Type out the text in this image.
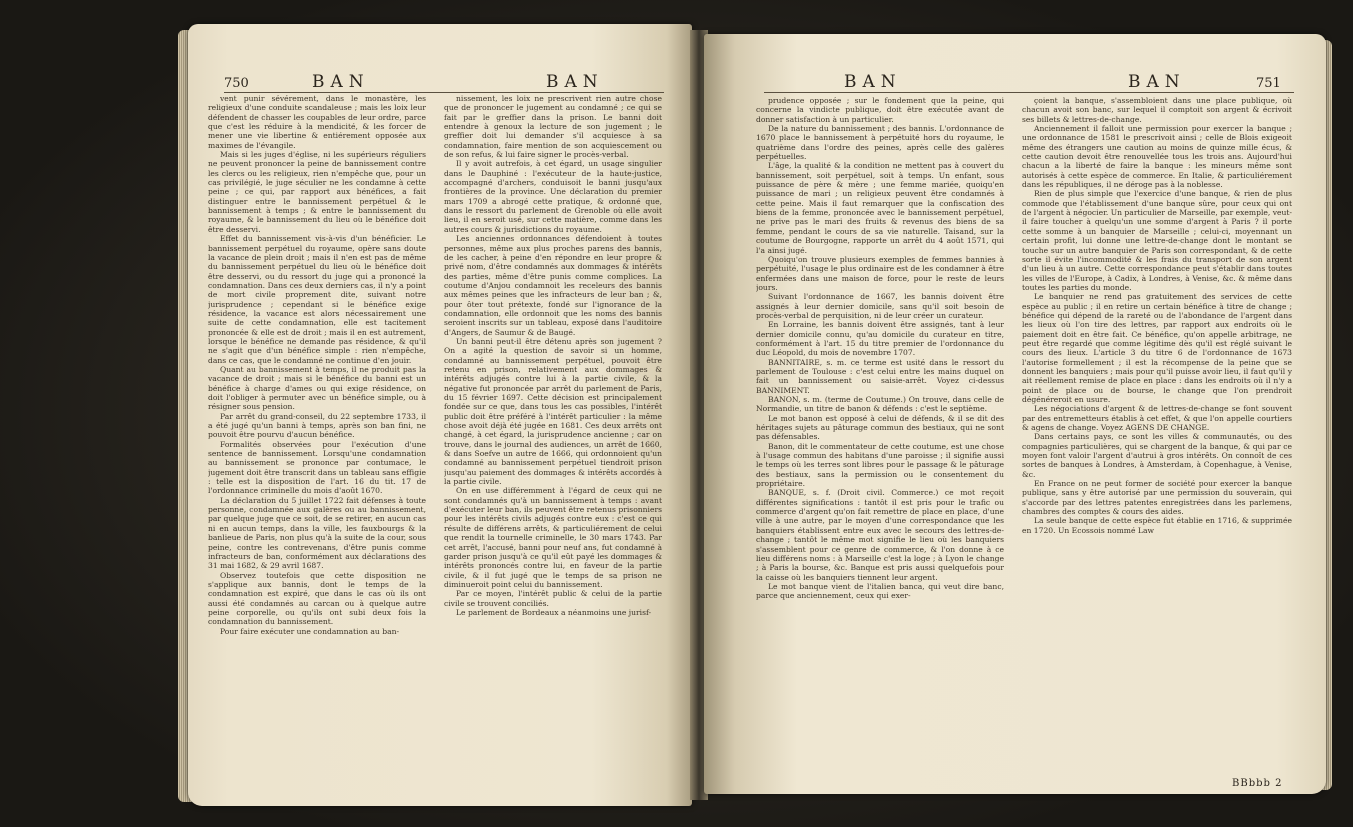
750	BAN	BAN

vent punir sévérement, dans le monastère, les religieux d'une conduite scandaleuse ; mais les loix leur défendent de chasser les coupables de leur ordre, parce que c'est les réduire à la mendicité, & les forcer de mener une vie libertine & entiérement opposée aux maximes de l'évangile.

Mais si les juges d'église, ni les supérieurs réguliers ne peuvent prononcer la peine de bannissement contre les clercs ou les religieux, rien n'empêche que, pour un cas privilégié, le juge séculier ne les condamne à cette peine ; ce qui, par rapport aux bénéfices, a fait distinguer entre le bannissement perpétuel & le bannissement à temps ; & entre le bannissement du royaume, & le bannissement du lieu où le bénéfice doit être desservi.

Effet du bannissement vis-à-vis d'un bénéficier. Le bannissement perpétuel du royaume, opère sans doute la vacance de plein droit ; mais il n'en est pas de même du bannissement perpétuel du lieu où le bénéfice doit être desservi, ou du ressort du juge qui a prononcé la condamnation. Dans ces deux derniers cas, il n'y a point de mort civile proprement dite, suivant notre jurisprudence ; cependant si le bénéfice exige résidence, la vacance est alors nécessairement une suite de cette condamnation, elle est tacitement prononcée & elle est de droit ; mais il en est autrement, lorsque le bénéfice ne demande pas résidence, & qu'il ne s'agit que d'un bénéfice simple : rien n'empêche, dans ce cas, que le condamné ne continue d'en jouir.

Quant au bannissement à temps, il ne produit pas la vacance de droit ; mais si le bénéfice du banni est un bénéfice à charge d'ames ou qui exige résidence, on doit l'obliger à permuter avec un bénéfice simple, ou à résigner sous pension.

Par arrêt du grand-conseil, du 22 septembre 1733, il a été jugé qu'un banni à temps, après son ban fini, ne pouvoit être pourvu d'aucun bénéfice.

Formalités observées pour l'exécution d'une sentence de bannissement. Lorsqu'une condamnation au bannissement se prononce par contumace, le jugement doit être transcrit dans un tableau sans effigie : telle est la disposition de l'art. 16 du tit. 17 de l'ordonnance criminelle du mois d'août 1670.

La déclaration du 5 juillet 1722 fait défenses à toute personne, condamnée aux galères ou au bannissement, par quelque juge que ce soit, de se retirer, en aucun cas ni en aucun temps, dans la ville, les fauxbourgs & la banlieue de Paris, non plus qu'à la suite de la cour, sous peine, contre les contrevenans, d'être punis comme infracteurs de ban, conformément aux déclarations des 31 mai 1682, & 29 avril 1687.

Observez toutefois que cette disposition ne s'applique aux bannis, dont le temps de la condamnation est expiré, que dans le cas où ils ont aussi été condamnés au carcan ou à quelque autre peine corporelle, ou qu'ils ont subi deux fois la condamnation du bannissement.

Pour faire exécuter une condamnation au ban-

nissement, les loix ne prescrivent rien autre chose que de prononcer le jugement au condamné ; ce qui se fait par le greffier dans la prison. Le banni doit entendre à genoux la lecture de son jugement ; le greffier doit lui demander s'il acquiesce à sa condamnation, faire mention de son acquiescement ou de son refus, & lui faire signer le procès-verbal.

Il y avoit autrefois, à cet égard, un usage singulier dans le Dauphiné : l'exécuteur de la haute-justice, accompagné d'archers, conduisoit le banni jusqu'aux frontières de la province. Une déclaration du premier mars 1709 a abrogé cette pratique, & ordonné que, dans le ressort du parlement de Grenoble où elle avoit lieu, il en seroit usé, sur cette matière, comme dans les autres cours & jurisdictions du royaume.

Les anciennes ordonnances défendoient à toutes personnes, même aux plus proches parens des bannis, de les cacher, à peine d'en répondre en leur propre & privé nom, d'être condamnés aux dommages & intérêts des parties, même d'être punis comme complices. La coutume d'Anjou condamnoit les receleurs des bannis aux mêmes peines que les infracteurs de leur ban ; &, pour ôter tout prétexte, fondé sur l'ignorance de la condamnation, elle ordonnoit que les noms des bannis seroient inscrits sur un tableau, exposé dans l'auditoire d'Angers, de Saumur & de Baugé.

Un banni peut-il être détenu après son jugement ? On a agité la question de savoir si un homme, condamné au bannissement perpétuel, pouvoit être retenu en prison, relativement aux dommages & intérêts adjugés contre lui à la partie civile, & la négative fut prononcée par arrêt du parlement de Paris, du 15 février 1697. Cette décision est principalement fondée sur ce que, dans tous les cas possibles, l'intérêt public doit être préféré à l'intérêt particulier : la même chose avoit déjà été jugée en 1681. Ces deux arrêts ont changé, à cet égard, la jurisprudence ancienne ; car on trouve, dans le journal des audiences, un arrêt de 1660, & dans Soefve un autre de 1666, qui ordonnoient qu'un condamné au bannissement perpétuel tiendroit prison jusqu'au paiement des dommages & intérêts accordés à la partie civile.

On en use différemment à l'égard de ceux qui ne sont condamnés qu'à un bannissement à temps : avant d'exécuter leur ban, ils peuvent être retenus prisonniers pour les intérêts civils adjugés contre eux : c'est ce qui résulte de différens arrêts, & particuliérement de celui que rendit la tournelle criminelle, le 30 mars 1743. Par cet arrêt, l'accusé, banni pour neuf ans, fut condamné à garder prison jusqu'à ce qu'il eût payé les dommages & intérêts prononcés contre lui, en faveur de la partie civile, & il fut jugé que le temps de sa prison ne diminueroit point celui du bannissement.

Par ce moyen, l'intérêt public & celui de la partie civile se trouvent conciliés.

Le parlement de Bordeaux a néanmoins une jurisf-

BAN	BAN	751

prudence opposée ; sur le fondement que la peine, qui concerne la vindicte publique, doit être exécutée avant de donner satisfaction à un particulier.

De la nature du bannissement ; des bannis. L'ordonnance de 1670 place le bannissement à perpétuité hors du royaume, le quatrième dans l'ordre des peines, après celle des galères perpétuelles.

L'âge, la qualité & la condition ne mettent pas à couvert du bannissement, soit perpétuel, soit à temps. Un enfant, sous puissance de père & mère ; une femme mariée, quoiqu'en puissance de mari ; un religieux peuvent être condamnés à cette peine. Mais il faut remarquer que la confiscation des biens de la femme, prononcée avec le bannissement perpétuel, ne prive pas le mari des fruits & revenus des biens de sa femme, pendant le cours de sa vie naturelle. Taisand, sur la coutume de Bourgogne, rapporte un arrêt du 4 août 1571, qui l'a ainsi jugé.

Quoiqu'on trouve plusieurs exemples de femmes bannies à perpétuité, l'usage le plus ordinaire est de les condamner à être enfermées dans une maison de force, pour le reste de leurs jours.

Suivant l'ordonnance de 1667, les bannis doivent être assignés à leur dernier domicile, sans qu'il soit besoin de procès-verbal de perquisition, ni de leur créer un curateur.

En Lorraine, les bannis doivent être assignés, tant à leur dernier domicile connu, qu'au domicile du curateur en titre, conformément à l'art. 15 du titre premier de l'ordonnance du duc Léopold, du mois de novembre 1707.

BANNITAIRE, s. m. ce terme est usité dans le ressort du parlement de Toulouse : c'est celui entre les mains duquel on fait un bannissement ou saisie-arrêt. Voyez ci-dessus BANNIMENT.

BANON, s. m. (terme de Coutume.) On trouve, dans celle de Normandie, un titre de banon & défends : c'est le septième.

Le mot banon est opposé à celui de défends, & il se dit des héritages sujets au pâturage commun des bestiaux, qui ne sont pas défensables.

Banon, dit le commentateur de cette coutume, est une chose à l'usage commun des habitans d'une paroisse ; il signifie aussi le temps où les terres sont libres pour le passage & le pâturage des bestiaux, sans la permission ou le consentement du propriétaire.

BANQUE, s. f. (Droit civil. Commerce.) ce mot reçoit différentes significations : tantôt il est pris pour le trafic ou commerce d'argent qu'on fait remettre de place en place, d'une ville à une autre, par le moyen d'une correspondance que les banquiers établissent entre eux avec le secours des lettres-de-change ; tantôt le même mot signifie le lieu où les banquiers s'assemblent pour ce genre de commerce, & l'on donne à ce lieu différens noms : à Marseille c'est la loge ; à Lyon le change ; à Paris la bourse, &c. Banque est pris aussi quelquefois pour la caisse où les banquiers tiennent leur argent.

Le mot banque vient de l'italien banca, qui veut dire banc, parce que anciennement, ceux qui exer-

çoient la banque, s'assembloient dans une place publique, où chacun avoit son banc, sur lequel il comptoit son argent & écrivoit ses billets & lettres-de-change.

Anciennement il falloit une permission pour exercer la banque ; une ordonnance de 1581 le prescrivoit ainsi ; celle de Blois exigeoit même des étrangers une caution au moins de quinze mille écus, & cette caution devoit être renouvellée tous les trois ans. Aujourd'hui chacun a la liberté de faire la banque : les mineurs même sont autorisés à cette espèce de commerce. En Italie, & particuliérement dans les républiques, il ne déroge pas à la noblesse.

Rien de plus simple que l'exercice d'une banque, & rien de plus commode que l'établissement d'une banque sûre, pour ceux qui ont de l'argent à négocier. Un particulier de Marseille, par exemple, veut-il faire toucher à quelqu'un une somme d'argent à Paris ? il porte cette somme à un banquier de Marseille ; celui-ci, moyennant un certain profit, lui donne une lettre-de-change dont le montant se touche sur un autre banquier de Paris son correspondant, & de cette sorte il évite l'incommodité & les frais du transport de son argent d'un lieu à un autre. Cette correspondance peut s'établir dans toutes les villes de l'Europe, à Cadix, à Londres, à Venise, &c. & même dans toutes les parties du monde.

Le banquier ne rend pas gratuitement des services de cette espèce au public ; il en retire un certain bénéfice à titre de change ; bénéfice qui dépend de la rareté ou de l'abondance de l'argent dans les lieux où l'on tire des lettres, par rapport aux endroits où le paiement doit en être fait. Ce bénéfice, qu'on appelle arbitrage, ne peut être regardé que comme légitime dès qu'il est réglé suivant le cours des lieux. L'article 3 du titre 6 de l'ordonnance de 1673 l'autorise formellement ; il est la récompense de la peine que se donnent les banquiers ; mais pour qu'il puisse avoir lieu, il faut qu'il y ait réellement remise de place en place : dans les endroits où il n'y a point de place ou de bourse, le change que l'on prendroit dégénéreroit en usure.

Les négociations d'argent & de lettres-de-change se font souvent par des entremetteurs établis à cet effet, & que l'on appelle courtiers & agens de change. Voyez AGENS DE CHANGE.

Dans certains pays, ce sont les villes & communautés, ou des compagnies particulières, qui se chargent de la banque, & qui par ce moyen font valoir l'argent d'autrui à gros intérêts. On connoît de ces sortes de banques à Londres, à Amsterdam, à Copenhague, à Venise, &c.

En France on ne peut former de société pour exercer la banque publique, sans y être autorisé par une permission du souverain, qui s'accorde par des lettres patentes enregistrées dans les parlemens, chambres des comptes & cours des aides.

La seule banque de cette espèce fut établie en 1716, & supprimée en 1720. Un Ecossois nommé Law

BBbbb 2
